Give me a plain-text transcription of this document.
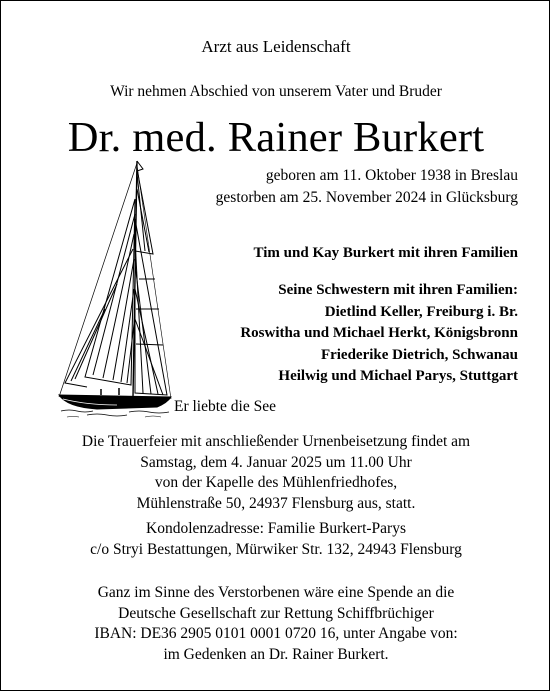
Arzt aus Leidenschaft
Wir nehmen Abschied von unserem Vater und Bruder
Dr. med. Rainer Burkert
geboren am 11. Oktober 1938 in Breslau
gestorben am 25. November 2024 in Glücksburg
Tim und Kay Burkert mit ihren Familien
Seine Schwestern mit ihren Familien:
Dietlind Keller, Freiburg i. Br.
Roswitha und Michael Herkt, Königsbronn
Friederike Dietrich, Schwanau
Heilwig und Michael Parys, Stuttgart
Er liebte die See
Die Trauerfeier mit anschließender Urnenbeisetzung findet am
Samstag, dem 4. Januar 2025 um 11.00 Uhr
von der Kapelle des Mühlenfriedhofes,
Mühlenstraße 50, 24937 Flensburg aus, statt.
Kondolenzadresse: Familie Burkert-Parys
c/o Stryi Bestattungen, Mürwiker Str. 132, 24943 Flensburg
Ganz im Sinne des Verstorbenen wäre eine Spende an die
Deutsche Gesellschaft zur Rettung Schiffbrüchiger
IBAN: DE36 2905 0101 0001 0720 16, unter Angabe von:
im Gedenken an Dr. Rainer Burkert.
